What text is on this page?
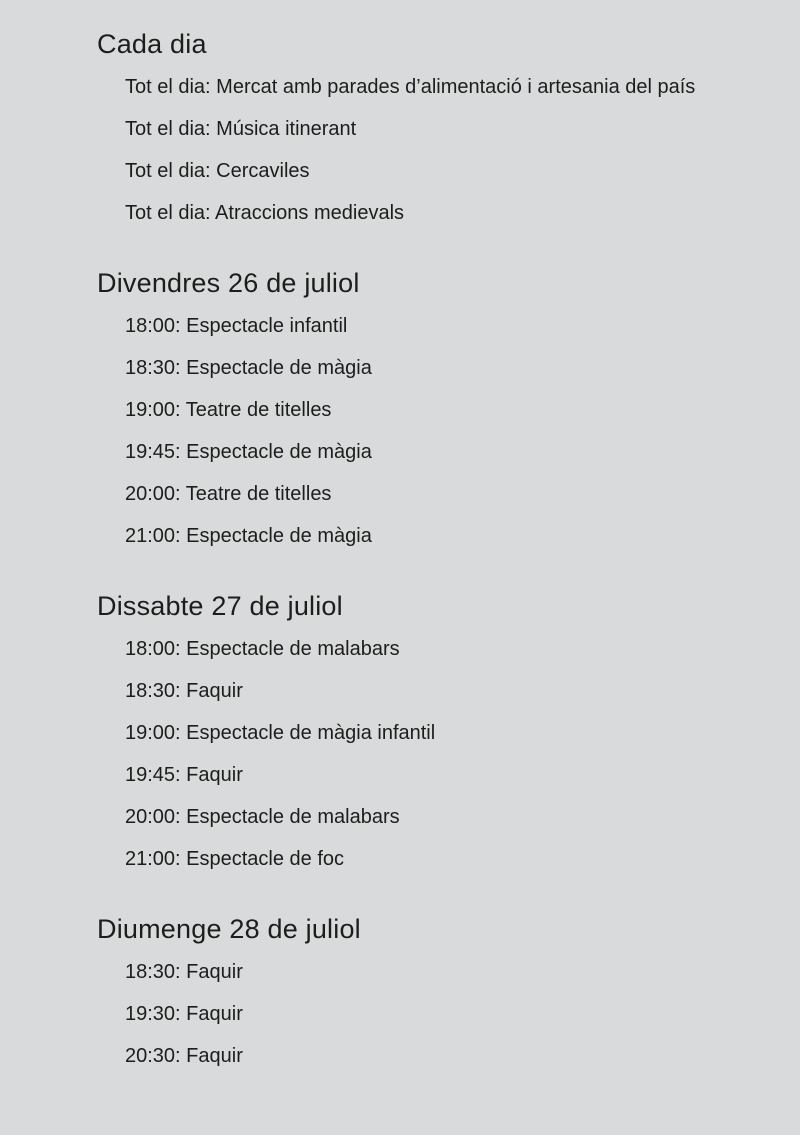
Cada dia
Tot el dia: Mercat amb parades d’alimentació i artesania del país
Tot el dia: Música itinerant
Tot el dia: Cercaviles
Tot el dia: Atraccions medievals
Divendres 26 de juliol
18:00: Espectacle infantil
18:30: Espectacle de màgia
19:00: Teatre de titelles
19:45: Espectacle de màgia
20:00: Teatre de titelles
21:00: Espectacle de màgia
Dissabte 27 de juliol
18:00: Espectacle de malabars
18:30: Faquir
19:00: Espectacle de màgia infantil
19:45: Faquir
20:00: Espectacle de malabars
21:00: Espectacle de foc
Diumenge 28 de juliol
18:30: Faquir
19:30: Faquir
20:30: Faquir
